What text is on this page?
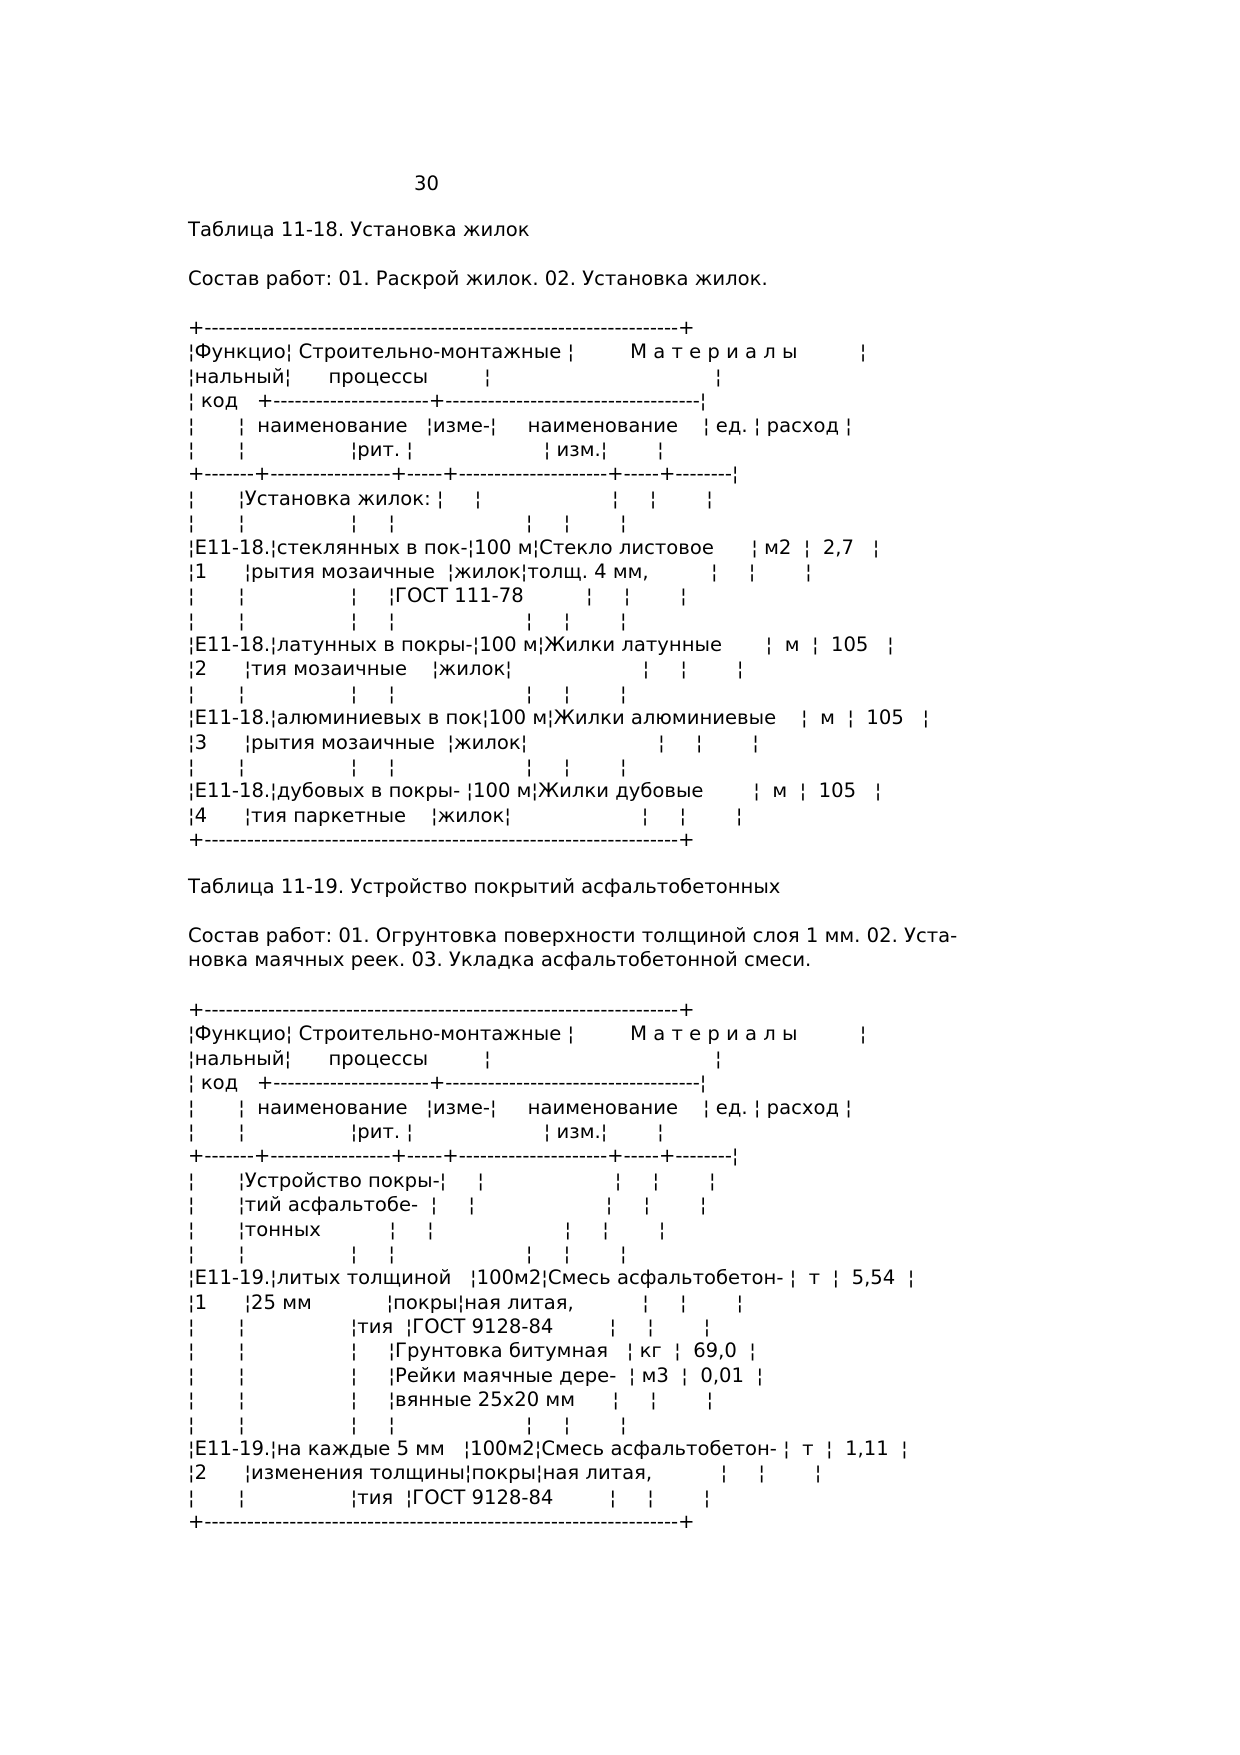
30
Таблица 11-18. Установка жилок
Состав работ: 01. Раскрой жилок. 02. Установка жилок.
+-------------------------------------------------------------------+
¦Функцио¦ Строительно-монтажные ¦         М а т е р и а л ы          ¦
¦нальный¦      процессы         ¦                                    ¦
¦ код   +----------------------+------------------------------------¦
¦       ¦  наименование   ¦изме-¦     наименование    ¦ ед. ¦ расход ¦
¦       ¦                 ¦рит. ¦                     ¦ изм.¦        ¦
+-------+-----------------+-----+---------------------+-----+--------¦
¦       ¦Установка жилок: ¦     ¦                     ¦     ¦        ¦
¦       ¦                 ¦     ¦                     ¦     ¦        ¦
¦Е11-18.¦стеклянных в пок-¦100 м¦Стекло листовое      ¦ м2  ¦  2,7   ¦
¦1      ¦рытия мозаичные  ¦жилок¦толщ. 4 мм,          ¦     ¦        ¦
¦       ¦                 ¦     ¦ГОСТ 111-78          ¦     ¦        ¦
¦       ¦                 ¦     ¦                     ¦     ¦        ¦
¦Е11-18.¦латунных в покры-¦100 м¦Жилки латунные       ¦  м  ¦  105   ¦
¦2      ¦тия мозаичные    ¦жилок¦                     ¦     ¦        ¦
¦       ¦                 ¦     ¦                     ¦     ¦        ¦
¦Е11-18.¦алюминиевых в пок¦100 м¦Жилки алюминиевые    ¦  м  ¦  105   ¦
¦3      ¦рытия мозаичные  ¦жилок¦                     ¦     ¦        ¦
¦       ¦                 ¦     ¦                     ¦     ¦        ¦
¦Е11-18.¦дубовых в покры- ¦100 м¦Жилки дубовые        ¦  м  ¦  105   ¦
¦4      ¦тия паркетные    ¦жилок¦                     ¦     ¦        ¦
+-------------------------------------------------------------------+
Таблица 11-19. Устройство покрытий асфальтобетонных
Состав работ: 01. Огрунтовка поверхности толщиной слоя 1 мм. 02. Уста-
новка маячных реек. 03. Укладка асфальтобетонной смеси.
+-------------------------------------------------------------------+
¦Функцио¦ Строительно-монтажные ¦         М а т е р и а л ы          ¦
¦нальный¦      процессы         ¦                                    ¦
¦ код   +----------------------+------------------------------------¦
¦       ¦  наименование   ¦изме-¦     наименование    ¦ ед. ¦ расход ¦
¦       ¦                 ¦рит. ¦                     ¦ изм.¦        ¦
+-------+-----------------+-----+---------------------+-----+--------¦
¦       ¦Устройство покры-¦     ¦                     ¦     ¦        ¦
¦       ¦тий асфальтобе-  ¦     ¦                     ¦     ¦        ¦
¦       ¦тонных           ¦     ¦                     ¦     ¦        ¦
¦       ¦                 ¦     ¦                     ¦     ¦        ¦
¦Е11-19.¦литых толщиной   ¦100м2¦Смесь асфальтобетон- ¦  т  ¦  5,54  ¦
¦1      ¦25 мм            ¦покры¦ная литая,           ¦     ¦        ¦
¦       ¦                 ¦тия  ¦ГОСТ 9128-84         ¦     ¦        ¦
¦       ¦                 ¦     ¦Грунтовка битумная   ¦ кг  ¦  69,0  ¦
¦       ¦                 ¦     ¦Рейки маячные дере-  ¦ м3  ¦  0,01  ¦
¦       ¦                 ¦     ¦вянные 25х20 мм      ¦     ¦        ¦
¦       ¦                 ¦     ¦                     ¦     ¦        ¦
¦Е11-19.¦на каждые 5 мм   ¦100м2¦Смесь асфальтобетон- ¦  т  ¦  1,11  ¦
¦2      ¦изменения толщины¦покры¦ная литая,           ¦     ¦        ¦
¦       ¦                 ¦тия  ¦ГОСТ 9128-84         ¦     ¦        ¦
+-------------------------------------------------------------------+
